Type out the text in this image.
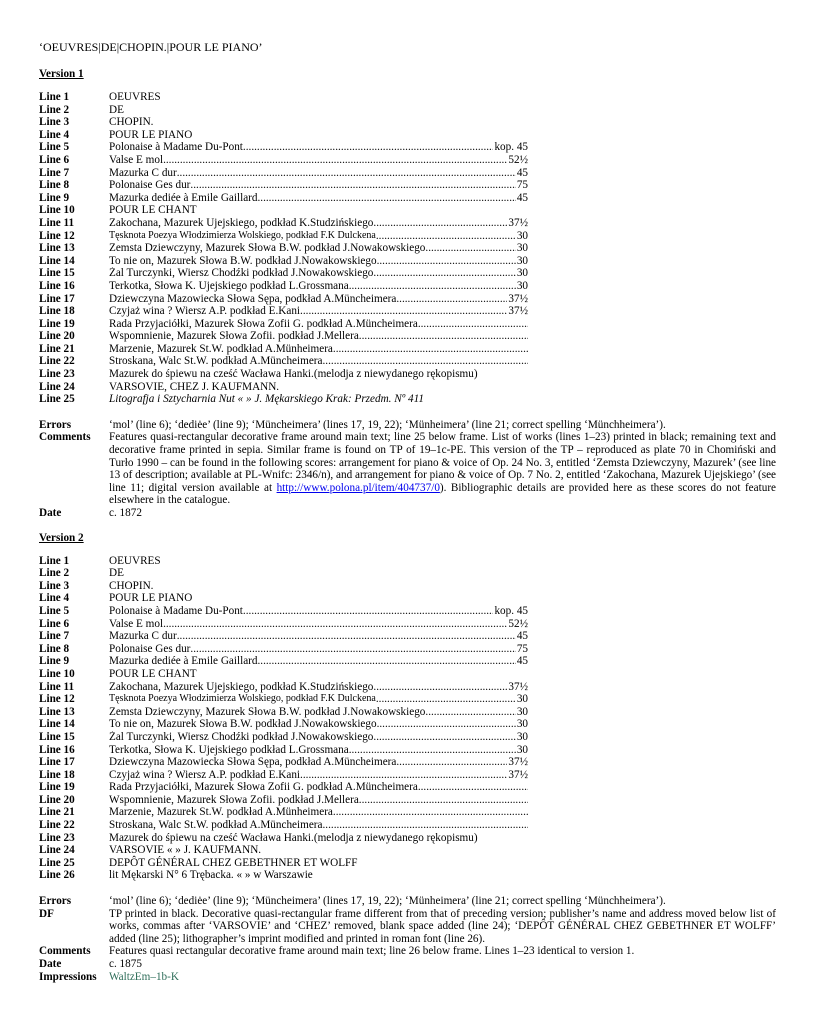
‘OEUVRES|DE|CHOPIN.|POUR LE PIANO’
Version 1
Line 1	OEUVRES
Line 2	DE
Line 3	CHOPIN.
Line 4	POUR LE PIANO
Line 5	Polonaise à Madame Du-Pont .....	kop. 45
Line 6	Valse E mol .....	52½
Line 7	Mazurka C dur .....	45
Line 8	Polonaise Ges dur .....	75
Line 9	Mazurka dediée à Emile Gaillard .....	45
Line 10	POUR LE CHANT
Line 11	Zakochana, Mazurek Ujejskiego, podkład K.Studzińskiego .....	37½
Line 12	Tęsknota Poezya Włodzimierza Wolskiego, podkład F.K Dulckena .....	30
Line 13	Zemsta Dziewczyny, Mazurek Słowa B.W. podkład J.Nowakowskiego .....	30
Line 14	To nie on, Mazurek Słowa B.W. podkład J.Nowakowskiego .....	30
Line 15	Żal Turczynki, Wiersz Chodźki podkład J.Nowakowskiego .....	30
Line 16	Terkotka, Słowa K. Ujejskiego podkład L.Grossmana .....	30
Line 17	Dziewczyna Mazowiecka Słowa Sępa, podkład A.Müncheimera .....	37½
Line 18	Czyjaż wina ? Wiersz A.P. podkład E.Kani .....	37½
Line 19	Rada Przyjaciółki, Mazurek Słowa Zofii G. podkład A.Müncheimera
.....
Line 20	Wspomnienie, Mazurek Słowa Zofii. podkład J.Mellera
.....
Line 21	Marzenie, Mazurek St.W. podkład A.Münheimera
.....
Line 22	Stroskana, Walc St.W. podkład A.Müncheimera
.....
Line 23	Mazurek do śpiewu na cześć Wacława Hanki.(melodja z niewydanego rękopismu)
Line 24	VARSOVIE, CHEZ J. KAUFMANN.
Line 25	Litografja i Sztycharnia Nut « » J. Mękarskiego Krak: Przedm. Nº 411
Errors	‘mol’ (line 6); ‘dediėe’ (line 9); ‘Müncheimera’ (lines 17, 19, 22); ‘Münheimera’ (line 21; correct spelling ‘Münchheimera’).
Comments	Features quasi-rectangular decorative frame around main text; line 25 below frame. List of works (lines 1–23) printed in black; remaining text and decorative frame printed in sepia. Similar frame is found on TP of 19–1c-PE. This version of the TP – reproduced as plate 70 in Chomiński and Turło 1990 – can be found in the following scores: arrangement for piano & voice of Op. 24 No. 3, entitled ‘Zemsta Dziewczyny, Mazurek’ (see line 13 of description; available at PL-Wnifc: 2346/n), and arrangement for piano & voice of Op. 7 No. 2, entitled ‘Zakochana, Mazurek Ujejskiego’ (see line 11; digital version available at http://www.polona.pl/item/404737/0). Bibliographic details are provided here as these scores do not feature elsewhere in the catalogue.
Date	c. 1872
Version 2
Line 1	OEUVRES
Line 2	DE
Line 3	CHOPIN.
Line 4	POUR LE PIANO
Line 5	Polonaise à Madame Du-Pont .....	kop. 45
Line 6	Valse E mol .....	52½
Line 7	Mazurka C dur .....	45
Line 8	Polonaise Ges dur .....	75
Line 9	Mazurka dediée à Emile Gaillard .....	45
Line 10	POUR LE CHANT
Line 11	Zakochana, Mazurek Ujejskiego, podkład K.Studzińskiego .....	37½
Line 12	Tęsknota Poezya Włodzimierza Wolskiego, podkład F.K Dulckena .....	30
Line 13	Zemsta Dziewczyny, Mazurek Słowa B.W. podkład J.Nowakowskiego .....	30
Line 14	To nie on, Mazurek Słowa B.W. podkład J.Nowakowskiego .....	30
Line 15	Żal Turczynki, Wiersz Chodźki podkład J.Nowakowskiego .....	30
Line 16	Terkotka, Słowa K. Ujejskiego podkład L.Grossmana .....	30
Line 17	Dziewczyna Mazowiecka Słowa Sępa, podkład A.Müncheimera .....	37½
Line 18	Czyjaż wina ? Wiersz A.P. podkład E.Kani .....	37½
Line 19	Rada Przyjaciółki, Mazurek Słowa Zofii G. podkład A.Müncheimera
.....
Line 20	Wspomnienie, Mazurek Słowa Zofii. podkład J.Mellera
.....
Line 21	Marzenie, Mazurek St.W. podkład A.Münheimera
.....
Line 22	Stroskana, Walc St.W. podkład A.Müncheimera
.....
Line 23	Mazurek do śpiewu na cześć Wacława Hanki.(melodja z niewydanego rękopismu)
Line 24	VARSOVIE « » J. KAUFMANN.
Line 25	DEPÔT GÉNÉRAL CHEZ GEBETHNER ET WOLFF
Line 26	lit Mękarski N° 6 Trębacka. « » w Warszawie
Errors	‘mol’ (line 6); ‘dediėe’ (line 9); ‘Müncheimera’ (lines 17, 19, 22); ‘Münheimera’ (line 21; correct spelling ‘Münchheimera’).
DF	TP printed in black. Decorative quasi-rectangular frame different from that of preceding version; publisher’s name and address moved below list of works, commas after ‘VARSOVIE’ and ‘CHEZ’ removed, blank space added (line 24); ‘DEPÔT GÉNÉRAL CHEZ GEBETHNER ET WOLFF’ added (line 25); lithographer’s imprint modified and printed in roman font (line 26).
Comments	Features quasi rectangular decorative frame around main text; line 26 below frame. Lines 1–23 identical to version 1.
Date	c. 1875
Impressions	WaltzEm–1b-K
